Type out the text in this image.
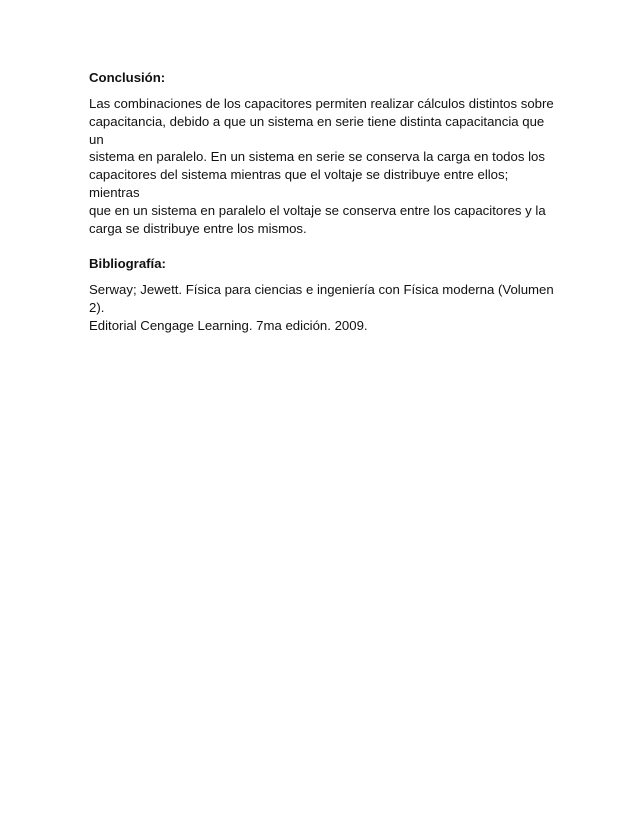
Conclusión:

Las combinaciones de los capacitores permiten realizar cálculos distintos sobre
capacitancia, debido a que un sistema en serie tiene distinta capacitancia que un
sistema en paralelo. En un sistema en serie se conserva la carga en todos los
capacitores del sistema mientras que el voltaje se distribuye entre ellos; mientras
que en un sistema en paralelo el voltaje se conserva entre los capacitores y la
carga se distribuye entre los mismos.

Bibliografía:

Serway; Jewett. Física para ciencias e ingeniería con Física moderna (Volumen 2).
Editorial Cengage Learning. 7ma edición. 2009.
